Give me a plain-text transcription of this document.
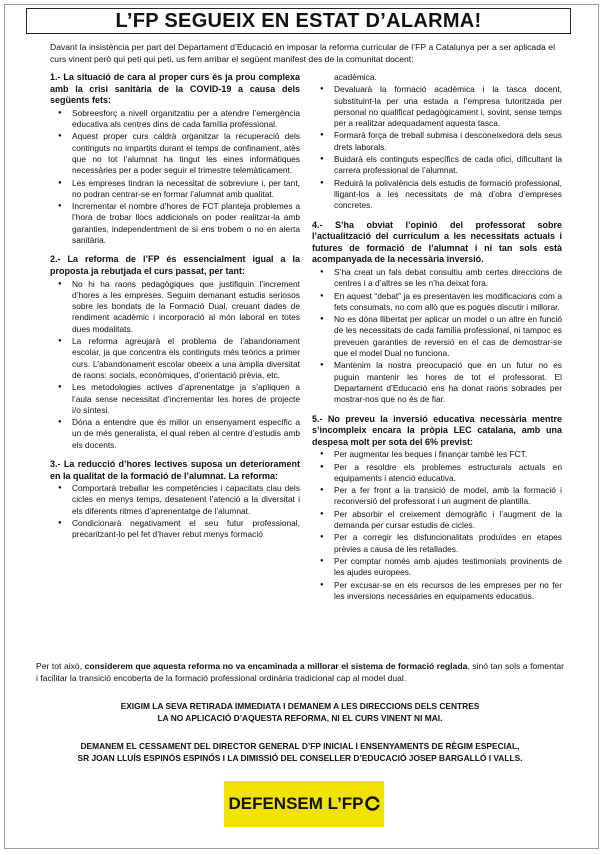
L’FP SEGUEIX EN ESTAT D’ALARMA!
Davant la insistència per part del Departament d’Educació en imposar la reforma curricular de l’FP a Catalunya per a ser aplicada el curs vinent però qui peti qui peti, us fem arribar el següent manifest des de la comunitat docent:
1.- La situació de cara al proper curs és ja prou complexa amb la crisi sanitària de la COVID-19 a causa dels següents fets:
● Sobreesforç a nivell organitzatiu per a atendre l’emergència educativa als centres dins de cada família professional.
● Aquest proper curs caldrà organitzar la recuperació dels continguts no impartits durant el temps de confinament, atès que no tot l’alumnat ha tingut les eines informàtiques necessàries per a poder seguir el trimestre telemàticament.
● Les empreses tindran la necessitat de sobreviure i, per tant, no podran centrar-se en formar l’alumnat amb qualitat.
● Incrementar el nombre d’hores de FCT planteja problemes a l’hora de trobar llocs addicionals on poder realitzar-la amb garanties, independentment de si ens trobem o no en alerta sanitària.
2.- La reforma de l’FP és essencialment igual a la proposta ja rebutjada el curs passat, per tant:
● No hi ha raons pedagògiques que justifiquin l’increment d’hores a les empreses. Seguim demanant estudis seriosos sobre les bondats de la Formació Dual, creuant dades de rendiment acadèmic i incorporació al món laboral en totes dues modalitats.
● La reforma agreujarà el problema de l’abandonament escolar, ja que concentra els continguts més teòrics a primer curs. L’abandonament escolar obeeix a una àmplia diversitat de raons: socials, econòmiques, d’orientació prèvia, etc.
● Les metodologies actives d’aprenentatge ja s’apliquen a l’aula sense necessitat d’incrementar les hores de projecte i/o síntesi.
● Dóna a entendre que és millor un ensenyament específic a un de més generalista, el qual reben al centre d’estudis amb els docents.
3.- La reducció d’hores lectives suposa un deteriorament en la qualitat de la formació de l’alumnat. La reforma:
● Comportarà treballar les competències i capacitats clau dels cicles en menys temps, desatenent l’atenció a la diversitat i els diferents ritmes d’aprenentatge de l’alumnat.
● Condicionarà negativament el seu futur professional, precaritzant-lo pel fet d’haver rebut menys formació
acadèmica.
● Devaluarà la formació acadèmica i la tasca docent, substituint-la per una estada a l’empresa tutoritzada per personal no qualificat pedagògicament i, sovint, sense temps per a realitzar adequadament aquesta tasca.
● Formarà força de treball submisa i desconeixedora dels seus drets laborals.
● Buidarà els continguts específics de cada ofici, dificultant la carrera professional de l’alumnat.
● Reduirà la polivalència dels estudis de formació professional, lligant-los a les necessitats de mà d’obra d’empreses concretes.
4.- S’ha obviat l’opinió del professorat sobre l’actualització del currículum a les necessitats actuals i futures de formació de l’alumnat i ni tan sols està acompanyada de la necessària inversió.
● S’ha creat un fals debat consultiu amb certes direccions de centres i a d’altres se les n’ha deixat fora.
● En aquest “debat” ja es presentaven les modificacions com a fets consumats, no com allò que es pogués discutir i millorar.
● No es dóna llibertat per aplicar un model o un altre en funció de les necessitats de cada família professional, ni tampoc es preveuen garanties de reversió en el cas de demostrar-se que el model Dual no funciona.
● Mantenim la nostra preocupació que en un futur no es puguin mantenir les hores de tot el professorat. El Departament d’Educació ens ha donat raons sobrades per mostrar-nos que no és de fiar.
5.- No preveu la inversió educativa necessària mentre s’incompleix encara la pròpia LEC catalana, amb una despesa molt per sota del 6% previst:
● Per augmentar les beques i finançar també les FCT.
● Per a resoldre els problemes estructurals actuals en equipaments i atenció educativa.
● Per a fer front a la transició de model, amb la formació i reconversió del professorat i un augment de plantilla.
● Per absorbir el creixement demogràfic i l’augment de la demanda per cursar estudis de cicles.
● Per a corregir les disfuncionalitats produïdes en etapes prèvies a causa de les retallades.
● Per comptar només amb ajudes testimonials provinents de les ajudes europees.
● Per excusar-se en els recursos de les empreses per no fer les inversions necessàries en equipaments educatius.
Per tot això, considerem que aquesta reforma no va encaminada a millorar el sistema de formació reglada, sinó tan sols a fomentar i facilitar la transició encoberta de la formació professional ordinària tradicional cap al model dual.
EXIGIM LA SEVA RETIRADA IMMEDIATA I DEMANEM A LES DIRECCIONS DELS CENTRES
LA NO APLICACIÓ D’AQUESTA REFORMA, NI EL CURS VINENT NI MAI.
DEMANEM EL CESSAMENT DEL DIRECTOR GENERAL D’FP INICIAL I ENSENYAMENTS DE RÈGIM ESPECIAL,
SR JOAN LLUÍS ESPINÓS ESPINÓS I LA DIMISSIÓ DEL CONSELLER D’EDUCACIÓ JOSEP BARGALLÓ I VALLS.
DEFENSEM L’FP
